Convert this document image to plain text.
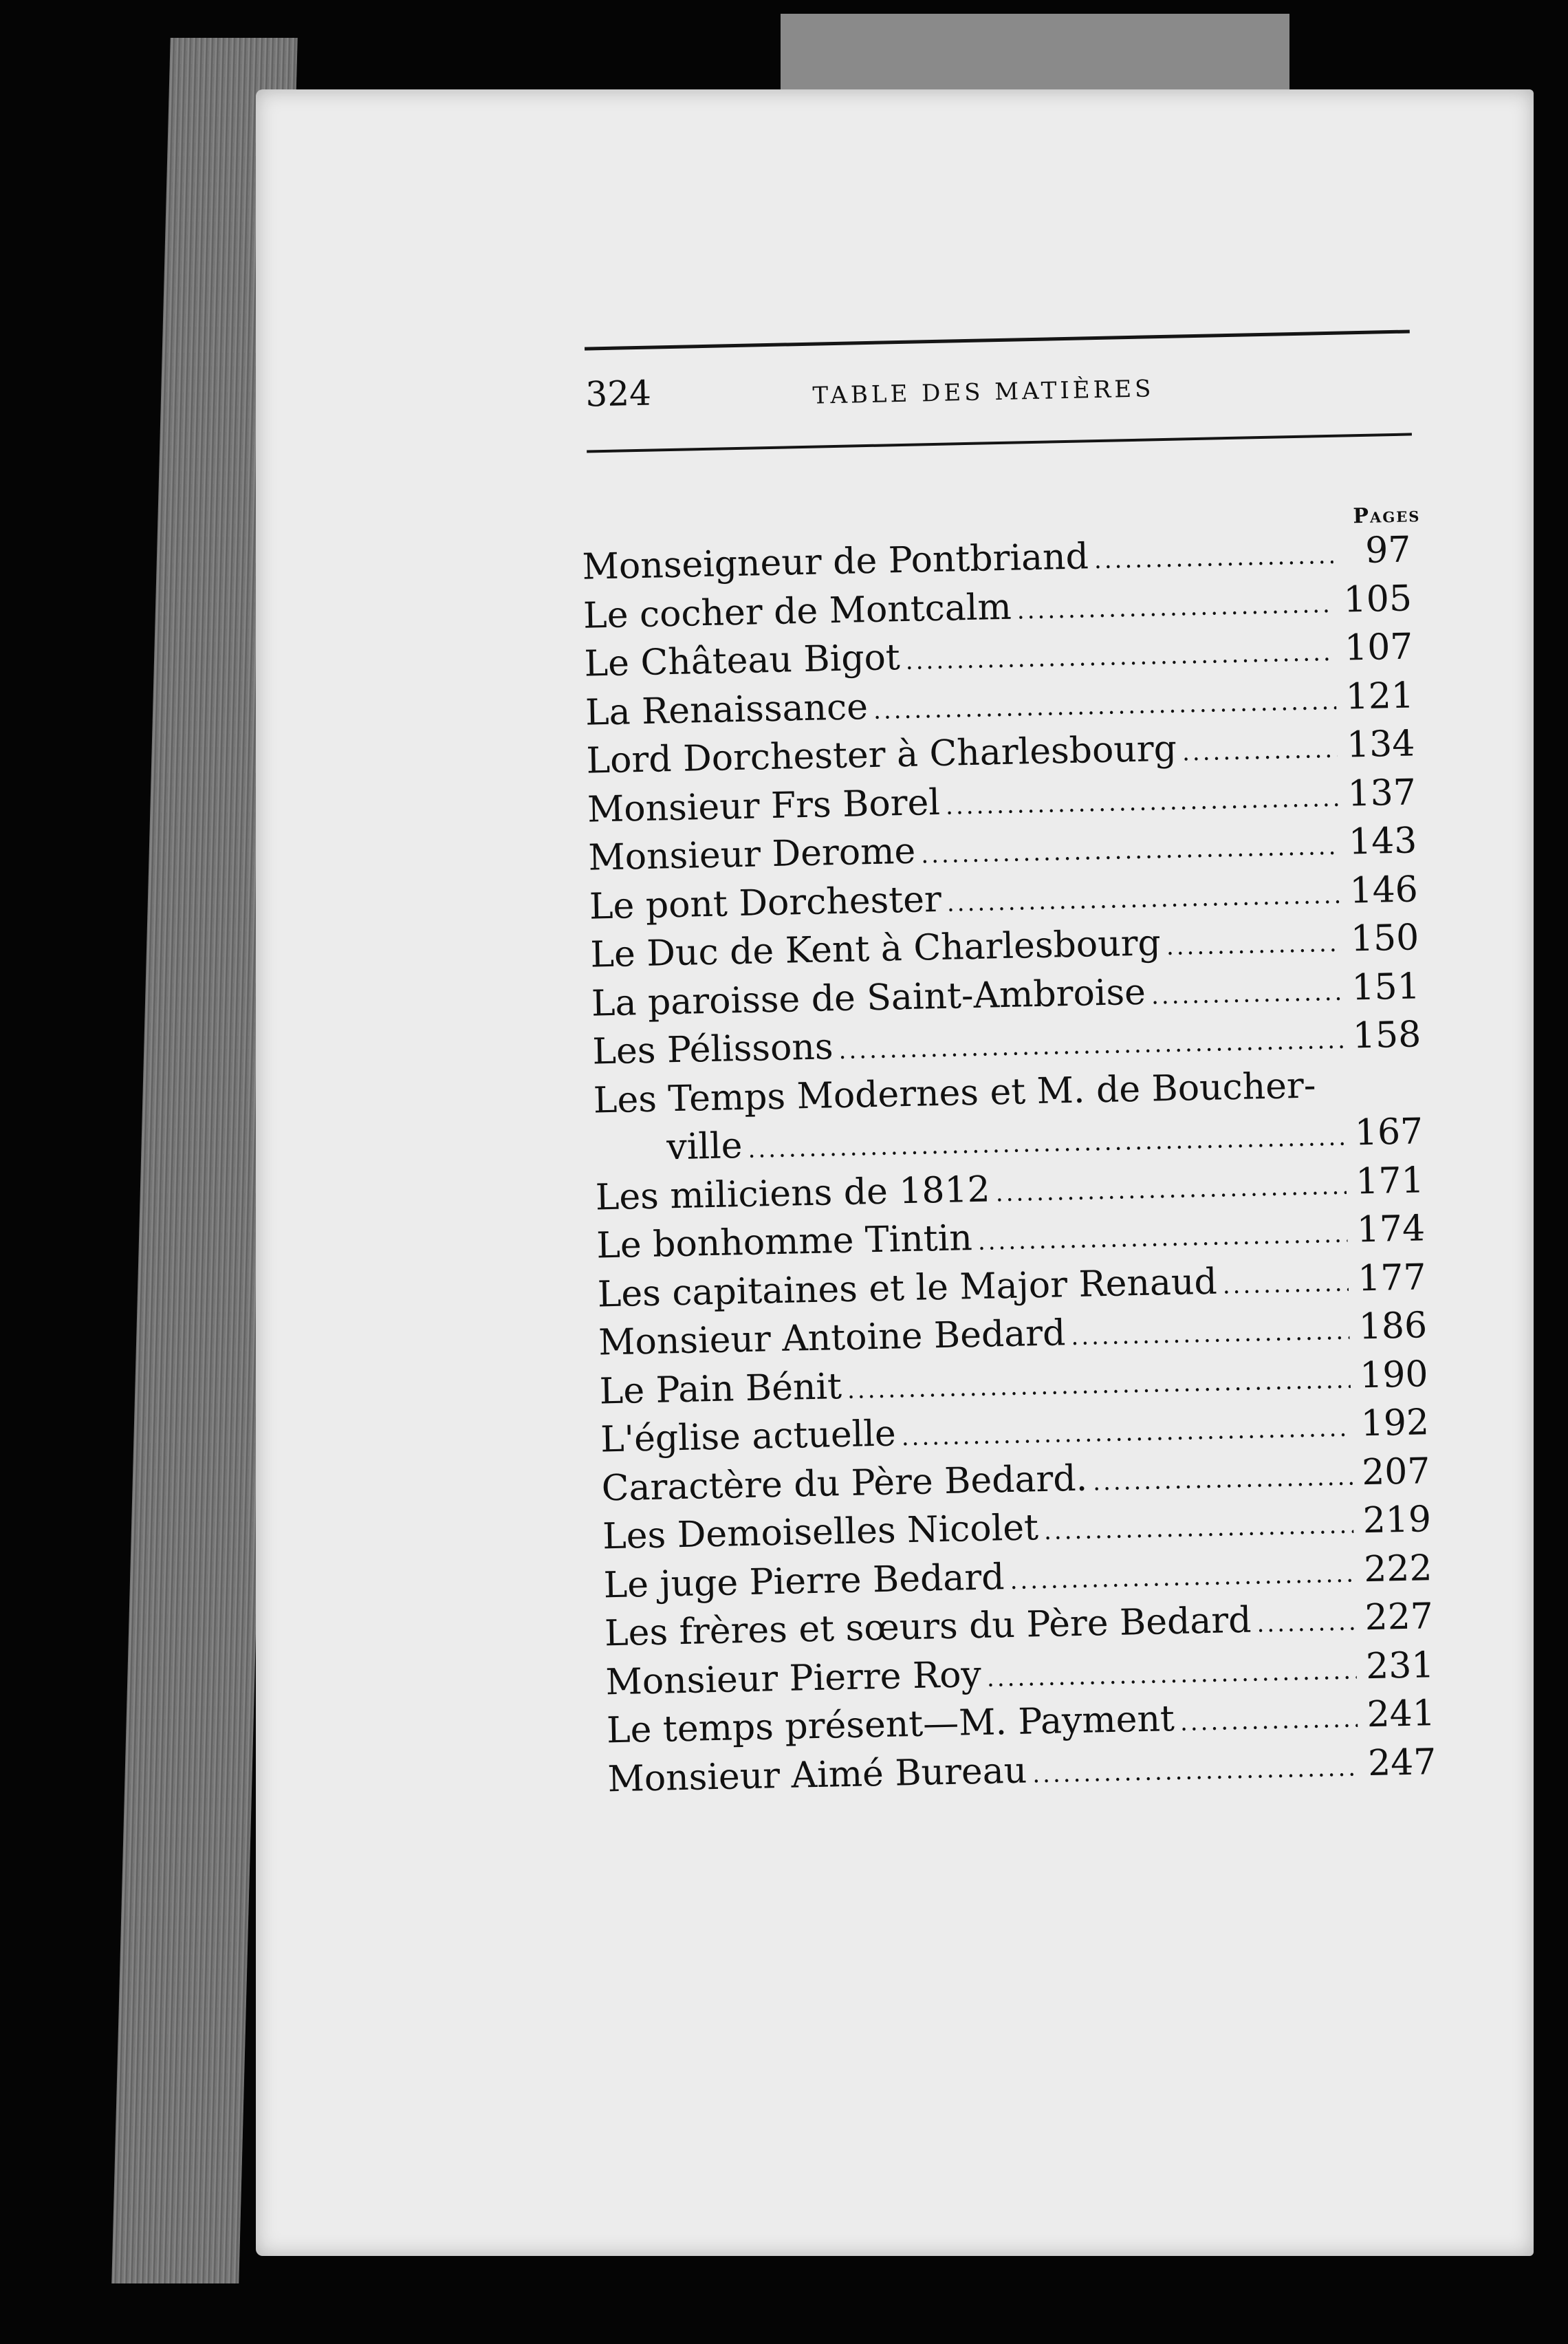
324	TABLE DES MATIÈRES
Pages
Monseigneur de Pontbriand .....	97
Le cocher de Montcalm .....	105
Le Château Bigot .....	107
La Renaissance .....	121
Lord Dorchester à Charlesbourg .....	134
Monsieur Frs Borel .....	137
Monsieur Derome .....	143
Le pont Dorchester .....	146
Le Duc de Kent à Charlesbourg .....	150
La paroisse de Saint-Ambroise .....	151
Les Pélissons .....	158
Les Temps Modernes et M. de Boucher-
ville .....	167
Les miliciens de 1812 .....	171
Le bonhomme Tintin .....	174
Les capitaines et le Major Renaud .....	177
Monsieur Antoine Bedard .....	186
Le Pain Bénit .....	190
L'église actuelle .....	192
Caractère du Père Bedard. .....	207
Les Demoiselles Nicolet .....	219
Le juge Pierre Bedard .....	222
Les frères et sœurs du Père Bedard .....	227
Monsieur Pierre Roy .....	231
Le temps présent—M. Payment .....	241
Monsieur Aimé Bureau .....	247
